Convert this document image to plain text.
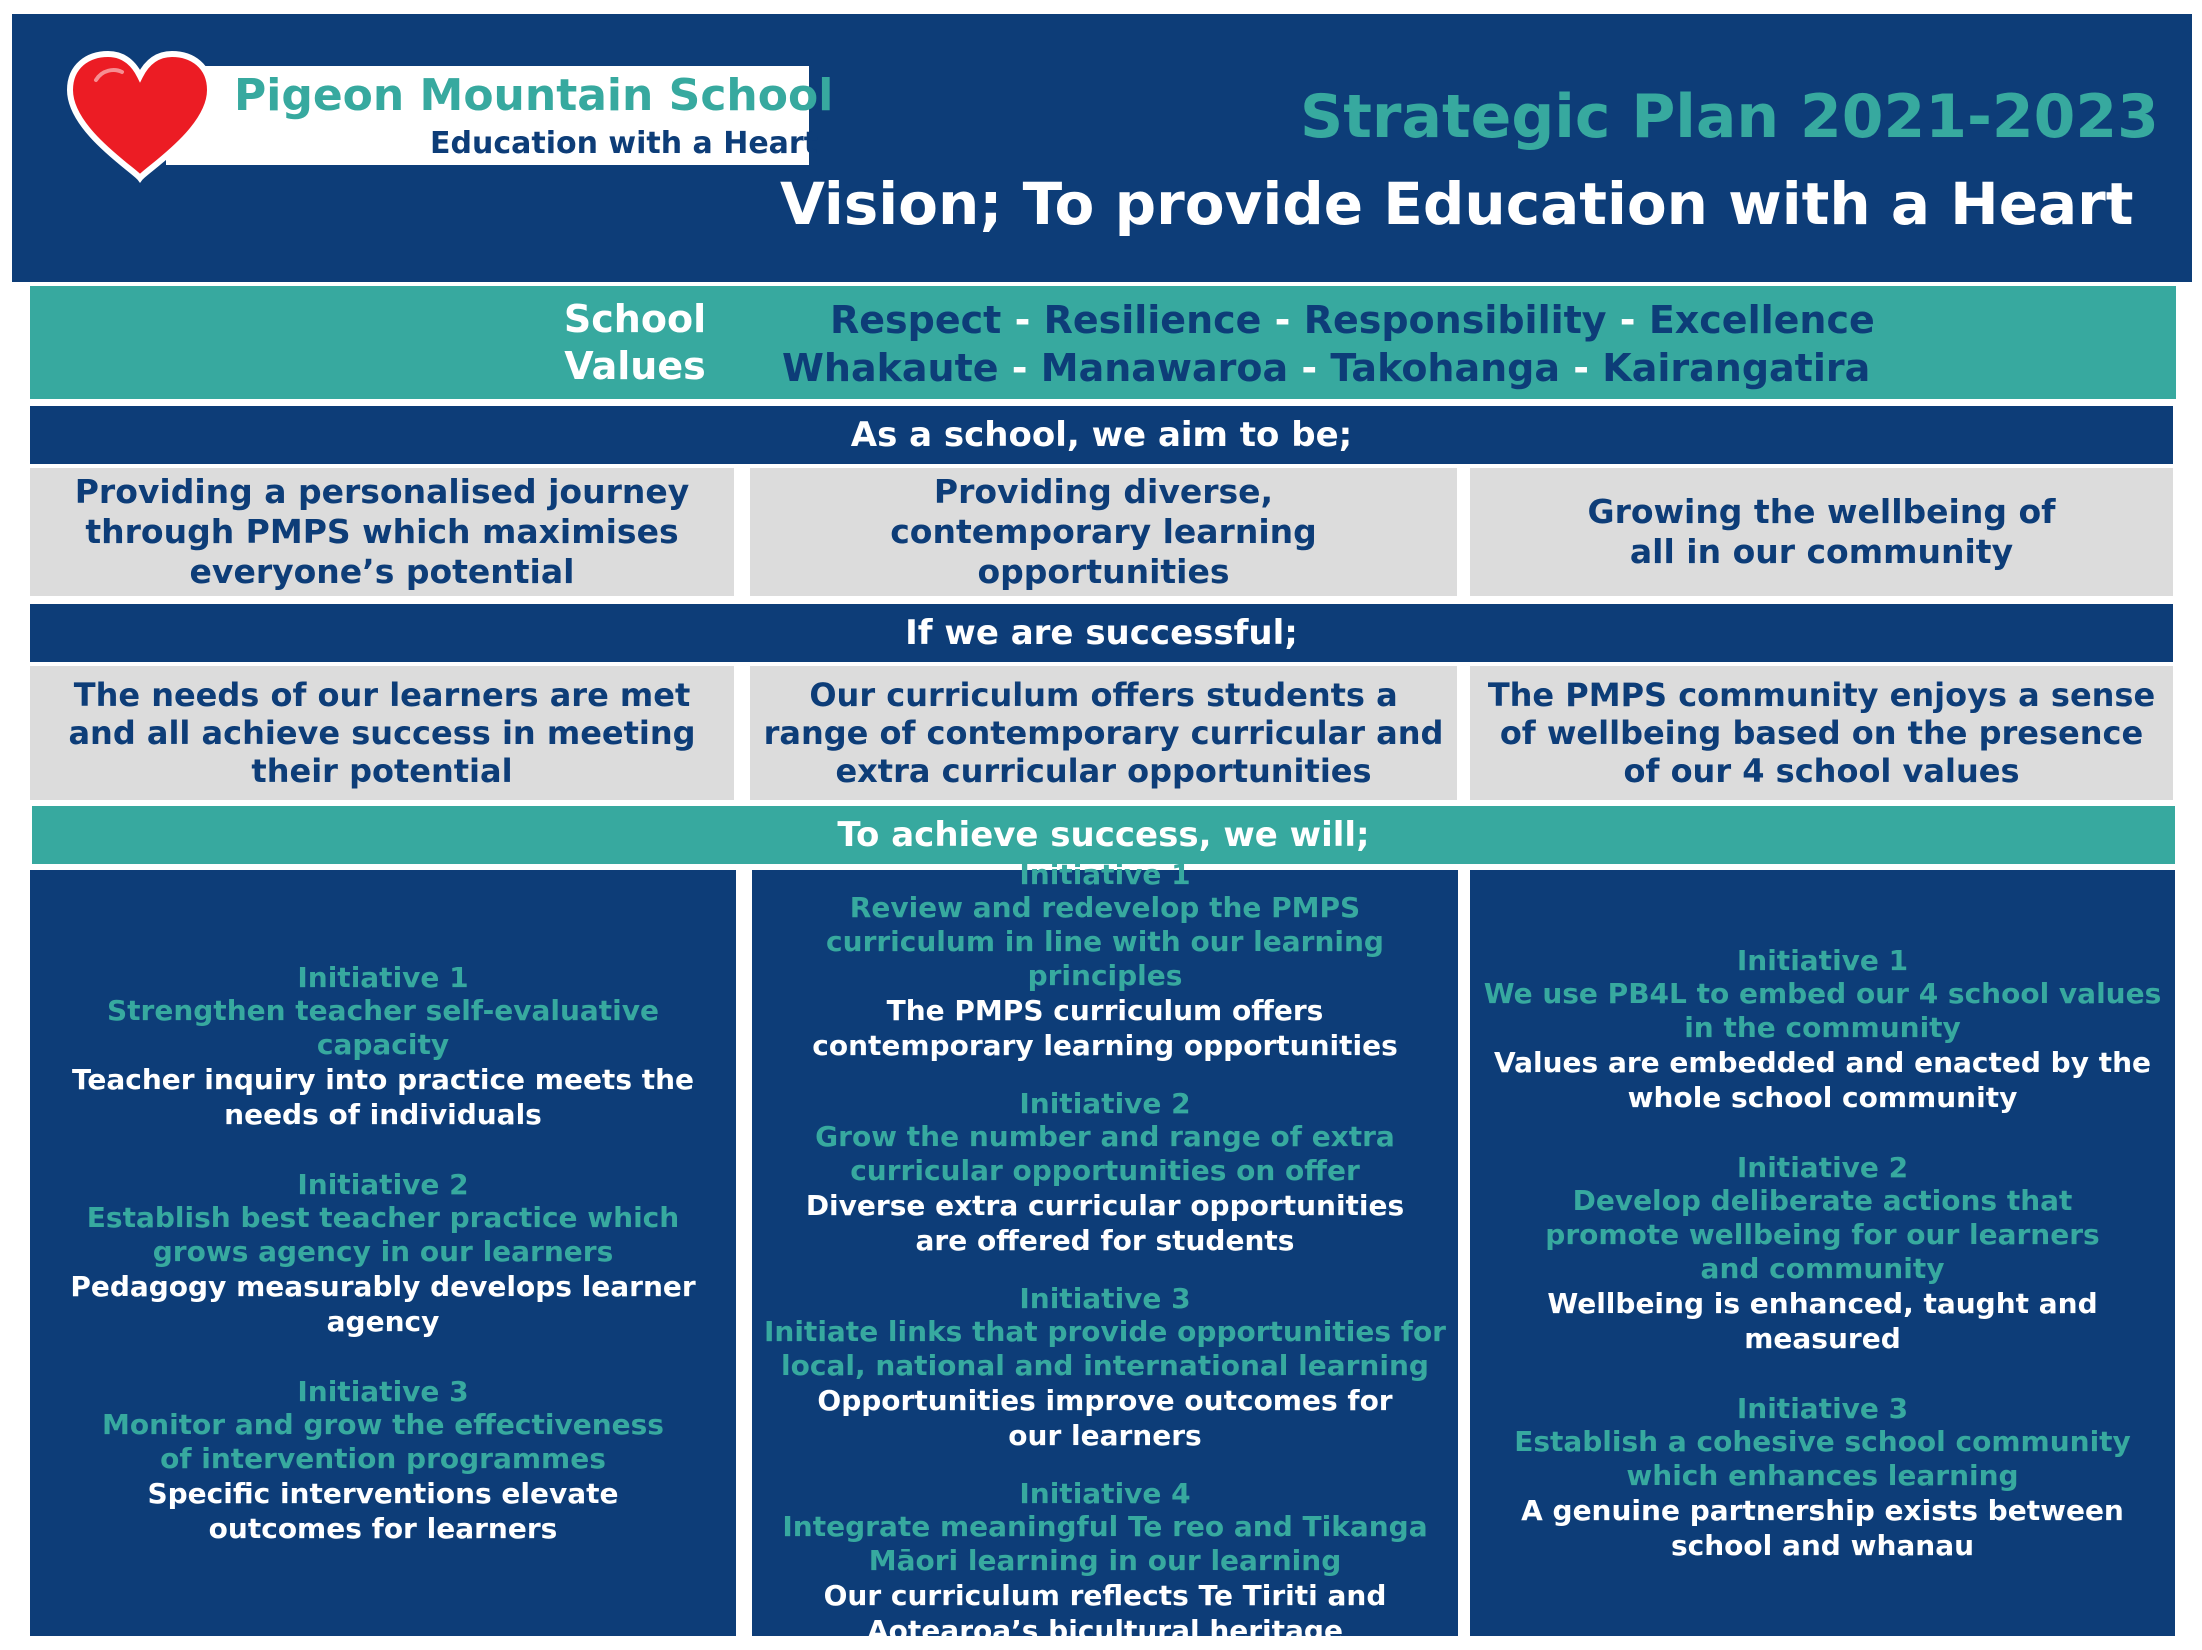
Pigeon Mountain School
Education with a Heart	Strategic Plan 2021-2023
Vision; To provide Education with a Heart
School
Values
Respect - Resilience - Responsibility - Excellence
Whakaute - Manawaroa - Takohanga - Kairangatira
As a school, we aim to be;
Providing a personalised journey through PMPS which maximises everyone’s potential
Providing diverse, contemporary learning opportunities
Growing the wellbeing of all in our community
If we are successful;
The needs of our learners are met and all achieve success in meeting their potential
Our curriculum offers students a range of contemporary curricular and extra curricular opportunities
The PMPS community enjoys a sense of wellbeing based on the presence of our 4 school values
To achieve success, we will;
Initiative 1
Strengthen teacher self-evaluative capacity
Teacher inquiry into practice meets the needs of individuals
Initiative 2
Establish best teacher practice which grows agency in our learners
Pedagogy measurably develops learner agency
Initiative 3
Monitor and grow the effectiveness of intervention programmes
Specific interventions elevate outcomes for learners
Initiative 1
Review and redevelop the PMPS curriculum in line with our learning principles
The PMPS curriculum offers contemporary learning opportunities
Initiative 2
Grow the number and range of extra curricular opportunities on offer
Diverse extra curricular opportunities are offered for students
Initiative 3
Initiate links that provide opportunities for local, national and international learning
Opportunities improve outcomes for our learners
Initiative 4
Integrate meaningful Te reo and Tikanga Māori learning in our learning
Our curriculum reflects Te Tiriti and Aotearoa’s bicultural heritage
Initiative 1
We use PB4L to embed our 4 school values in the community
Values are embedded and enacted by the whole school community
Initiative 2
Develop deliberate actions that promote wellbeing for our learners and community
Wellbeing is enhanced, taught and measured
Initiative 3
Establish a cohesive school community which enhances learning
A genuine partnership exists between school and whanau
